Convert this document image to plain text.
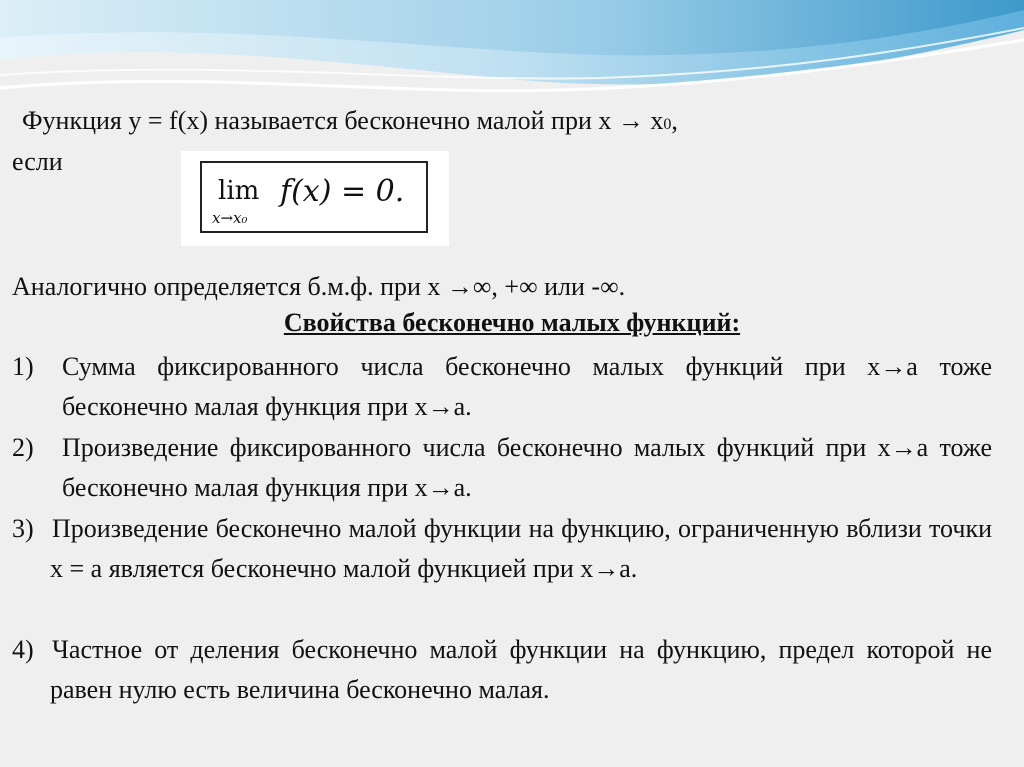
Функция y = f(x) называется бесконечно малой при x → x0,
если
lim
x→x₀
f(x) = 0.
Аналогично определяется б.м.ф. при x →∞, +∞ или -∞.
Свойства бесконечно малых функций:
1) Сумма фиксированного числа бесконечно малых функций при x→a тоже бесконечно малая функция при x→a.
2) Произведение фиксированного числа бесконечно малых функций при x→a тоже бесконечно малая функция при x→a.
3) Произведение бесконечно малой функции на функцию, ограниченную вблизи точки x = a является бесконечно малой функцией при x→a.
4) Частное от деления бесконечно малой функции на функцию, предел которой не равен нулю есть величина бесконечно малая.
